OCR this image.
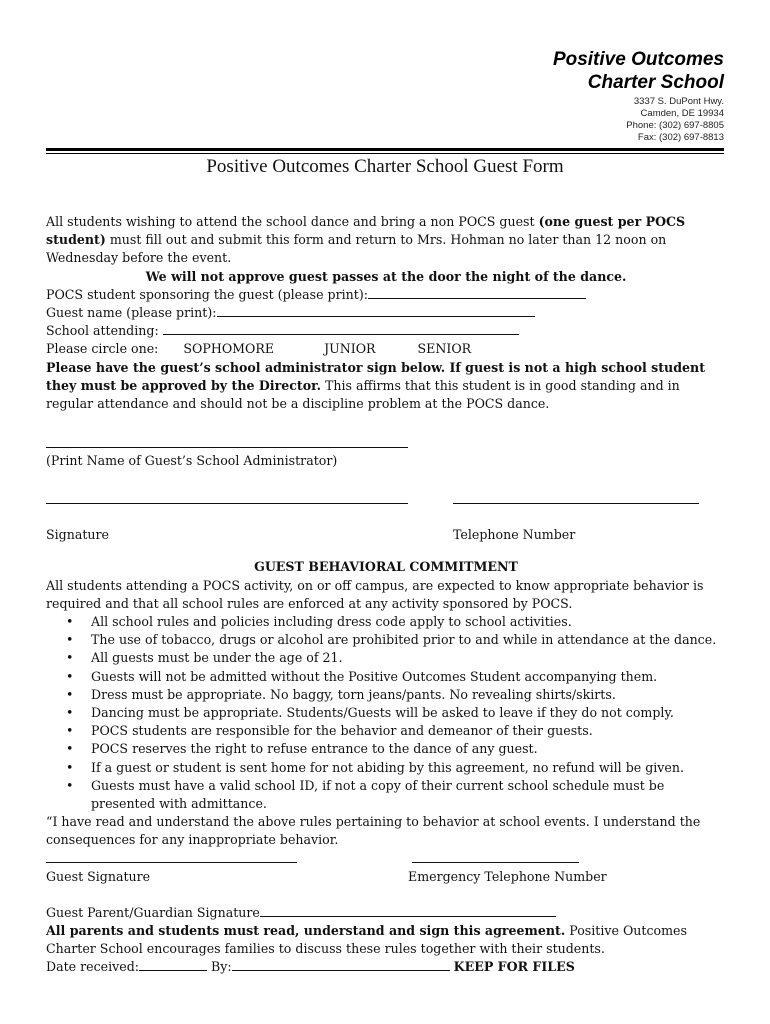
Positive Outcomes
Charter School
3337 S. DuPont Hwy.
Camden, DE 19934
Phone: (302) 697-8805
Fax: (302) 697-8813
Positive Outcomes Charter School Guest Form

All students wishing to attend the school dance and bring a non POCS guest (one guest per POCS student) must fill out and submit this form and return to Mrs. Hohman no later than 12 noon on Wednesday before the event.

We will not approve guest passes at the door the night of the dance.

POCS student sponsoring the guest (please print):

Guest name (please print):

School attending:

Please circle one: SOPHOMORE	JUNIOR	SENIOR

Please have the guest’s school administrator sign below. If guest is not a high school student they must be approved by the Director. This affirms that this student is in good standing and in regular attendance and should not be a discipline problem at the POCS dance.

(Print Name of Guest’s School Administrator)

Signature	Telephone Number

GUEST BEHAVIORAL COMMITMENT

All students attending a POCS activity, on or off campus, are expected to know appropriate behavior is required and that all school rules are enforced at any activity sponsored by POCS.

• All school rules and policies including dress code apply to school activities.
• The use of tobacco, drugs or alcohol are prohibited prior to and while in attendance at the dance.
• All guests must be under the age of 21.
• Guests will not be admitted without the Positive Outcomes Student accompanying them.
• Dress must be appropriate. No baggy, torn jeans/pants. No revealing shirts/skirts.
• Dancing must be appropriate. Students/Guests will be asked to leave if they do not comply.
• POCS students are responsible for the behavior and demeanor of their guests.
• POCS reserves the right to refuse entrance to the dance of any guest.
• If a guest or student is sent home for not abiding by this agreement, no refund will be given.
• Guests must have a valid school ID, if not a copy of their current school schedule must be presented with admittance.

“I have read and understand the above rules pertaining to behavior at school events. I understand the consequences for any inappropriate behavior.

Guest Signature	Emergency Telephone Number

Guest Parent/Guardian Signature

All parents and students must read, understand and sign this agreement. Positive Outcomes Charter School encourages families to discuss these rules together with their students.

Date received:	By:	KEEP FOR FILES
